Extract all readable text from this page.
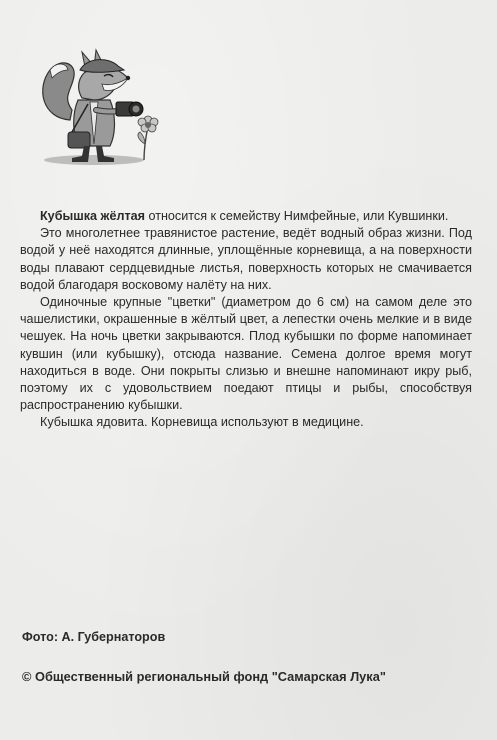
Кубышка жёлтая относится к семейству Нимфейные, или Кувшинки.

Это многолетнее травянистое растение, ведёт водный образ жизни. Под водой у неё находятся длинные, уплощённые корневища, а на поверхности воды плавают сердцевидные листья, поверхность которых не смачивается водой благодаря восковому налёту на них.

Одиночные крупные "цветки" (диаметром до 6 см) на самом деле это чашелистики, окрашенные в жёлтый цвет, а лепестки очень мелкие и в виде чешуек. На ночь цветки закрываются. Плод кубышки по форме напоминает кувшин (или кубышку), отсюда название. Семена долгое время могут находиться в воде. Они покрыты слизью и внешне напоминают икру рыб, поэтому их с удовольствием поедают птицы и рыбы, способствуя распространению кубышки.

Кубышка ядовита. Корневища используют в медицине.

Фото: А. Губернаторов
© Общественный региональный фонд "Самарская Лука"
